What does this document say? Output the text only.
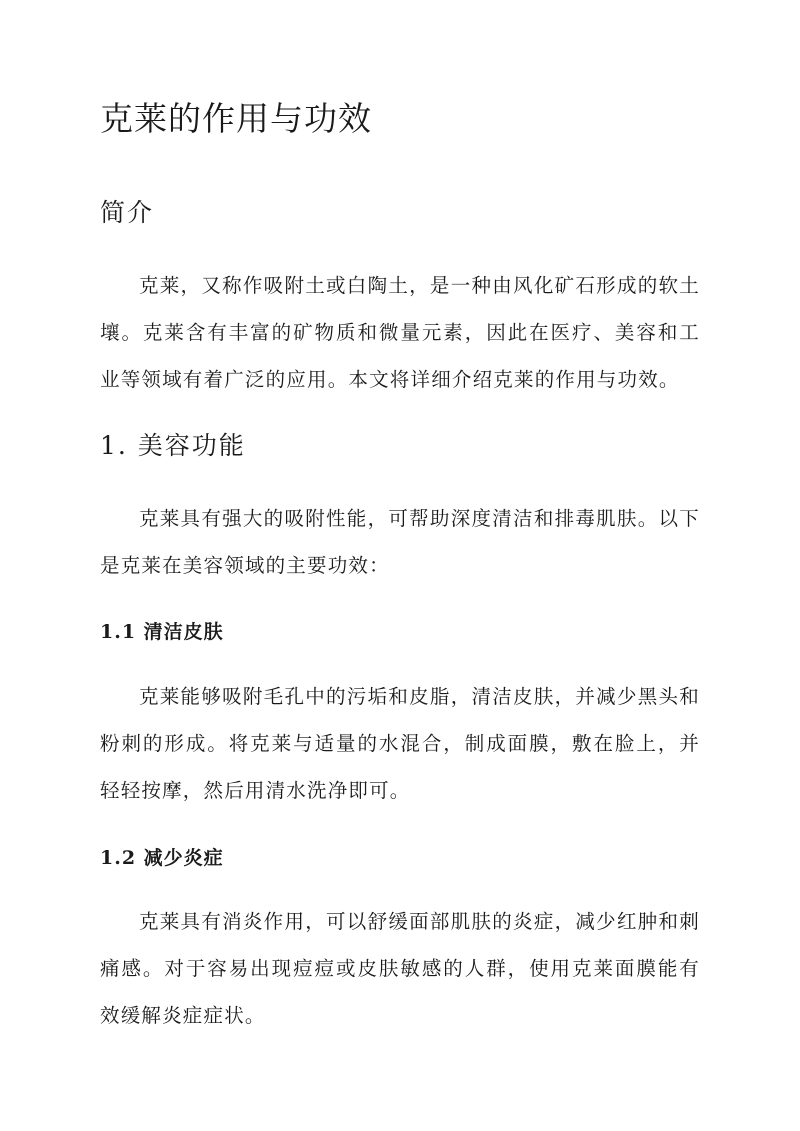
克莱的作用与功效
简介

克莱，又称作吸附土或白陶土，是一种由风化矿石形成的软土壤。克莱含有丰富的矿物质和微量元素，因此在医疗、美容和工业等领域有着广泛的应用。本文将详细介绍克莱的作用与功效。

1. 美容功能

克莱具有强大的吸附性能，可帮助深度清洁和排毒肌肤。以下是克莱在美容领域的主要功效：

1.1 清洁皮肤

克莱能够吸附毛孔中的污垢和皮脂，清洁皮肤，并减少黑头和粉刺的形成。将克莱与适量的水混合，制成面膜，敷在脸上，并轻轻按摩，然后用清水洗净即可。

1.2 减少炎症

克莱具有消炎作用，可以舒缓面部肌肤的炎症，减少红肿和刺痛感。对于容易出现痘痘或皮肤敏感的人群，使用克莱面膜能有效缓解炎症症状。
